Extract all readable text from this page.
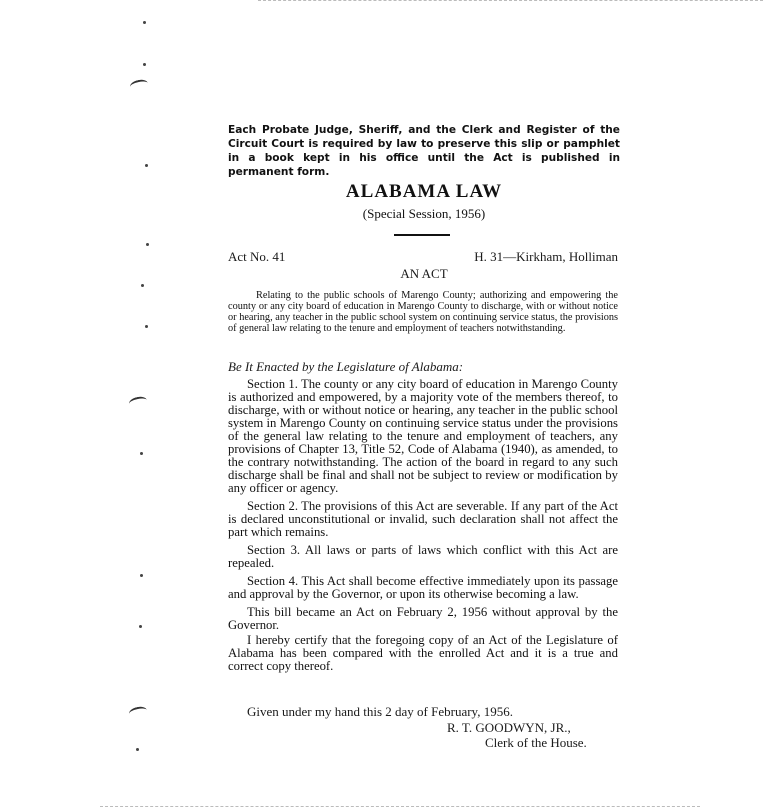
Each Probate Judge, Sheriff, and the Clerk and Register of the Circuit Court is required by law to preserve this slip or pamphlet in a book kept in his office until the Act is published in permanent form.
ALABAMA LAW
(Special Session, 1956)
Act No. 41	H. 31—Kirkham, Holliman
AN ACT
Relating to the public schools of Marengo County; authorizing and empowering the county or any city board of education in Marengo County to discharge, with or without notice or hearing, any teacher in the public school system on continuing service status, the provisions of general law relating to the tenure and employment of teachers notwithstanding.
Be It Enacted by the Legislature of Alabama:

Section 1. The county or any city board of education in Marengo County is authorized and empowered, by a majority vote of the members thereof, to discharge, with or without notice or hearing, any teacher in the public school system in Marengo County on continuing service status under the provisions of the general law relating to the tenure and employment of teachers, any provisions of Chapter 13, Title 52, Code of Alabama (1940), as amended, to the contrary notwithstanding. The action of the board in regard to any such discharge shall be final and shall not be subject to review or modification by any officer or agency.

Section 2. The provisions of this Act are severable. If any part of the Act is declared unconstitutional or invalid, such declaration shall not affect the part which remains.

Section 3. All laws or parts of laws which conflict with this Act are repealed.

Section 4. This Act shall become effective immediately upon its passage and approval by the Governor, or upon its otherwise becoming a law.

This bill became an Act on February 2, 1956 without approval by the Governor.

I hereby certify that the foregoing copy of an Act of the Legislature of Alabama has been compared with the enrolled Act and it is a true and correct copy thereof.

Given under my hand this 2 day of February, 1956.
R. T. GOODWYN, JR.,
Clerk of the House.
